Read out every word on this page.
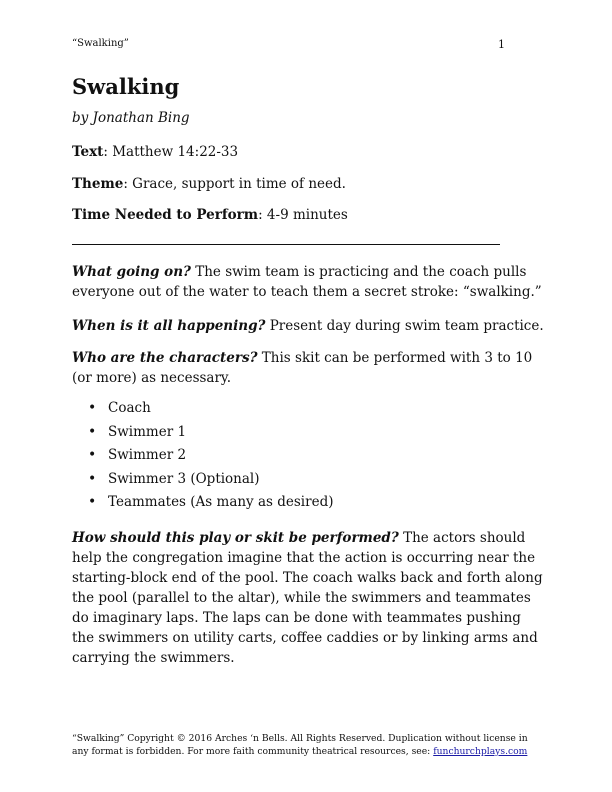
“Swalking”	1
Swalking
by Jonathan Bing
Text: Matthew 14:22-33
Theme: Grace, support in time of need.
Time Needed to Perform: 4-9 minutes

What going on? The swim team is practicing and the coach pulls everyone out of the water to teach them a secret stroke: “swalking.”

When is it all happening? Present day during swim team practice.

Who are the characters? This skit can be performed with 3 to 10 (or more) as necessary.

• Coach
• Swimmer 1
• Swimmer 2
• Swimmer 3 (Optional)
• Teammates (As many as desired)

How should this play or skit be performed? The actors should help the congregation imagine that the action is occurring near the starting-block end of the pool. The coach walks back and forth along the pool (parallel to the altar), while the swimmers and teammates do imaginary laps. The laps can be done with teammates pushing the swimmers on utility carts, coffee caddies or by linking arms and carrying the swimmers.

“Swalking” Copyright © 2016 Arches ‘n Bells. All Rights Reserved. Duplication without license in any format is forbidden. For more faith community theatrical resources, see: funchurchplays.com
